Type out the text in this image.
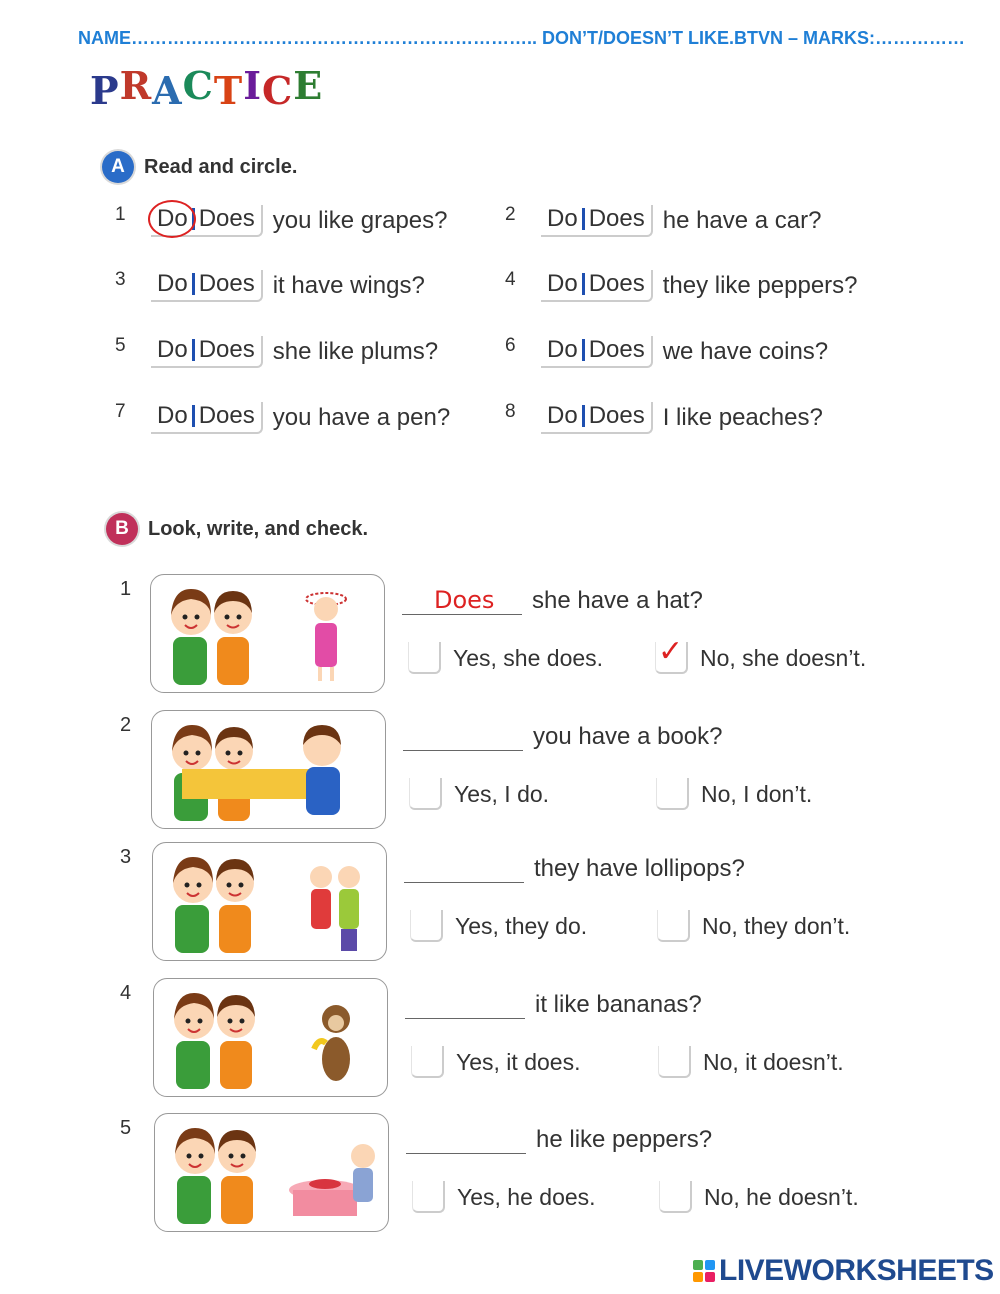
NAME………………………………………………………….. DON’T/DOESN’T LIKE.BTVN – MARKS:……………
PRACTICE
A Read and circle.
1	Do Does you like grapes?	2	Do Does he have a car?
3	Do Does it have wings?	4	Do Does they like peppers?
5	Do Does she like plums?	6	Do Does we have coins?
7	Do Does you have a pen?	8	Do Does I like peaches?
B Look, write, and check.
1	Does she have a hat?
Yes, she does. ✓ No, she doesn’t.
2	you have a book?
Yes, I do.	No, I don’t.
3	they have lollipops?
Yes, they do.	No, they don’t.
4	it like bananas?
Yes, it does.	No, it doesn’t.
5	he like peppers?
Yes, he does.	No, he doesn’t.
LIVEWORKSHEETS
